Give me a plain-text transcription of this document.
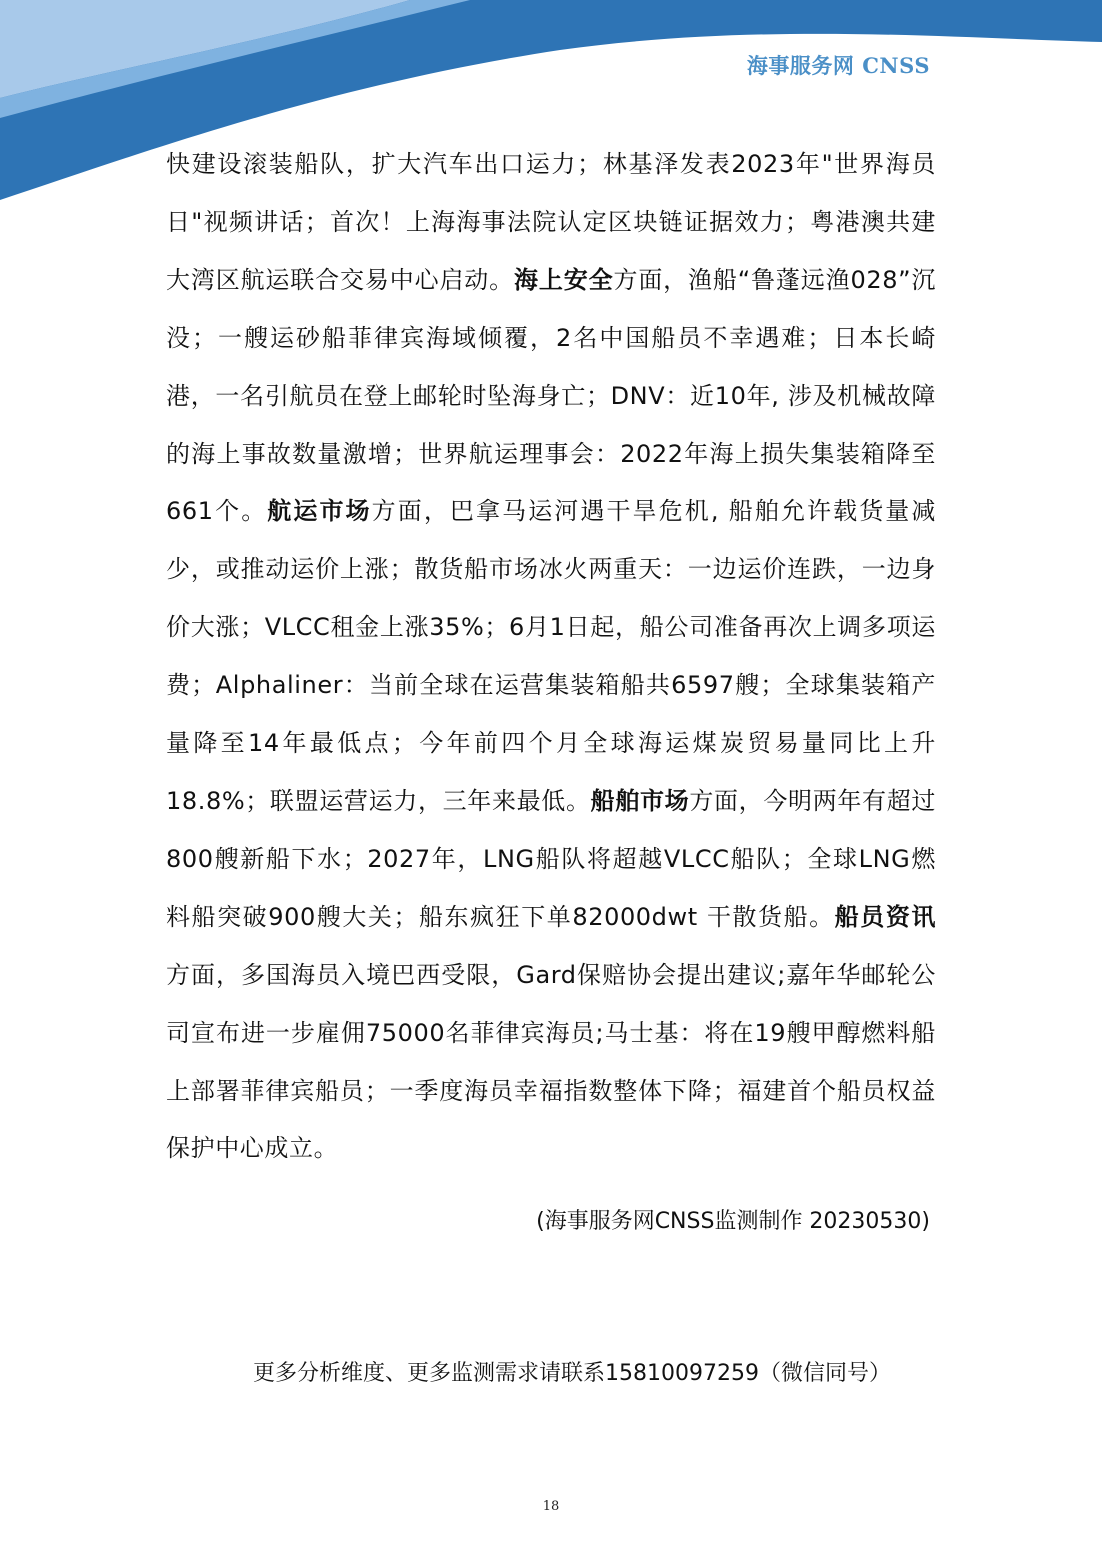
海事服务网 CNSS
快建设滚装船队，扩大汽车出口运力；林基泽发表2023年"世界海员日"视频讲话；首次！上海海事法院认定区块链证据效力；粤港澳共建大湾区航运联合交易中心启动。海上安全方面，渔船“鲁蓬远渔028”沉没；一艘运砂船菲律宾海域倾覆，2名中国船员不幸遇难；日本长崎港，一名引航员在登上邮轮时坠海身亡；DNV：近10年, 涉及机械故障的海上事故数量激增；世界航运理事会：2022年海上损失集装箱降至661个。航运市场方面，巴拿马运河遇干旱危机, 船舶允许载货量减少，或推动运价上涨；散货船市场冰火两重天：一边运价连跌，一边身价大涨；VLCC租金上涨35%；6月1日起，船公司准备再次上调多项运费；Alphaliner：当前全球在运营集装箱船共6597艘；全球集装箱产量降至14年最低点；今年前四个月全球海运煤炭贸易量同比上升18.8%；联盟运营运力，三年来最低。船舶市场方面，今明两年有超过800艘新船下水；2027年，LNG船队将超越VLCC船队；全球LNG燃料船突破900艘大关；船东疯狂下单82000dwt 干散货船。船员资讯方面，多国海员入境巴西受限，Gard保赔协会提出建议;嘉年华邮轮公司宣布进一步雇佣75000名菲律宾海员;马士基：将在19艘甲醇燃料船上部署菲律宾船员；一季度海员幸福指数整体下降；福建首个船员权益保护中心成立。
(海事服务网CNSS监测制作 20230530)
更多分析维度、更多监测需求请联系15810097259（微信同号）
18
